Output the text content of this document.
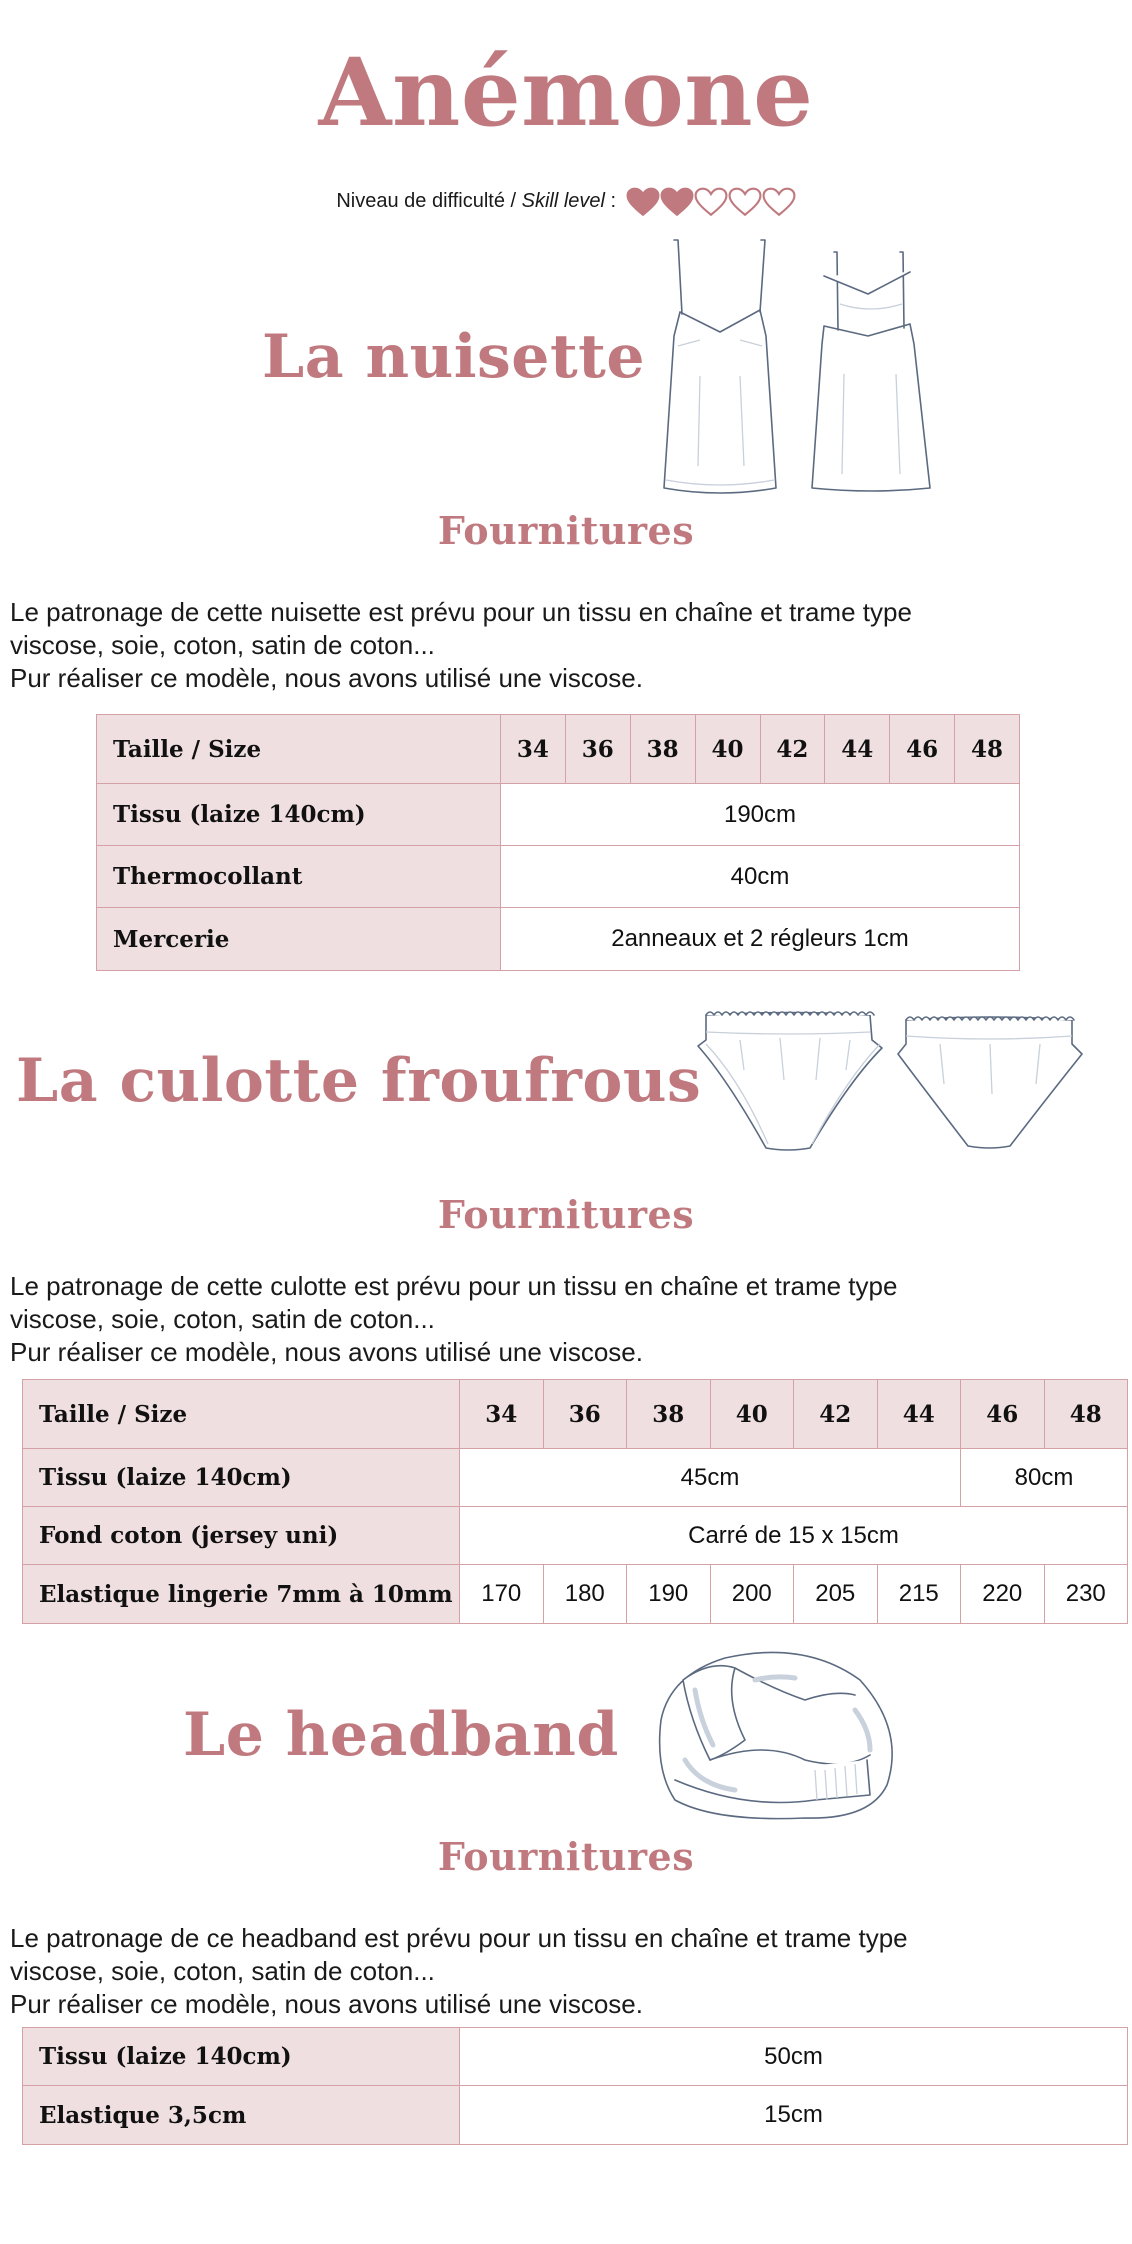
Anémone
Niveau de difficulté / Skill level :
La nuisette
Fournitures
Le patronage de cette nuisette est prévu pour un tissu en chaîne et trame type
viscose, soie, coton, satin de coton...
Pur réaliser ce modèle, nous avons utilisé une viscose.
Taille / Size	34	36	38	40	42	44	46	48
Tissu (laize 140cm)	190cm							
Thermocollant	40cm							
Mercerie	2anneaux et 2 régleurs 1cm							
La culotte froufrous
Fournitures
Le patronage de cette culotte est prévu pour un tissu en chaîne et trame type
viscose, soie, coton, satin de coton...
Pur réaliser ce modèle, nous avons utilisé une viscose.
Taille / Size	34	36	38	40	42	44	46	48
Tissu (laize 140cm)	45cm						80cm	
Fond coton (jersey uni)	Carré de 15 x 15cm							
Elastique lingerie 7mm à 10mm	170	180	190	200	205	215	220	230
Le headband
Fournitures
Le patronage de ce headband est prévu pour un tissu en chaîne et trame type
viscose, soie, coton, satin de coton...
Pur réaliser ce modèle, nous avons utilisé une viscose.
Tissu (laize 140cm)	50cm
Elastique 3,5cm	15cm
